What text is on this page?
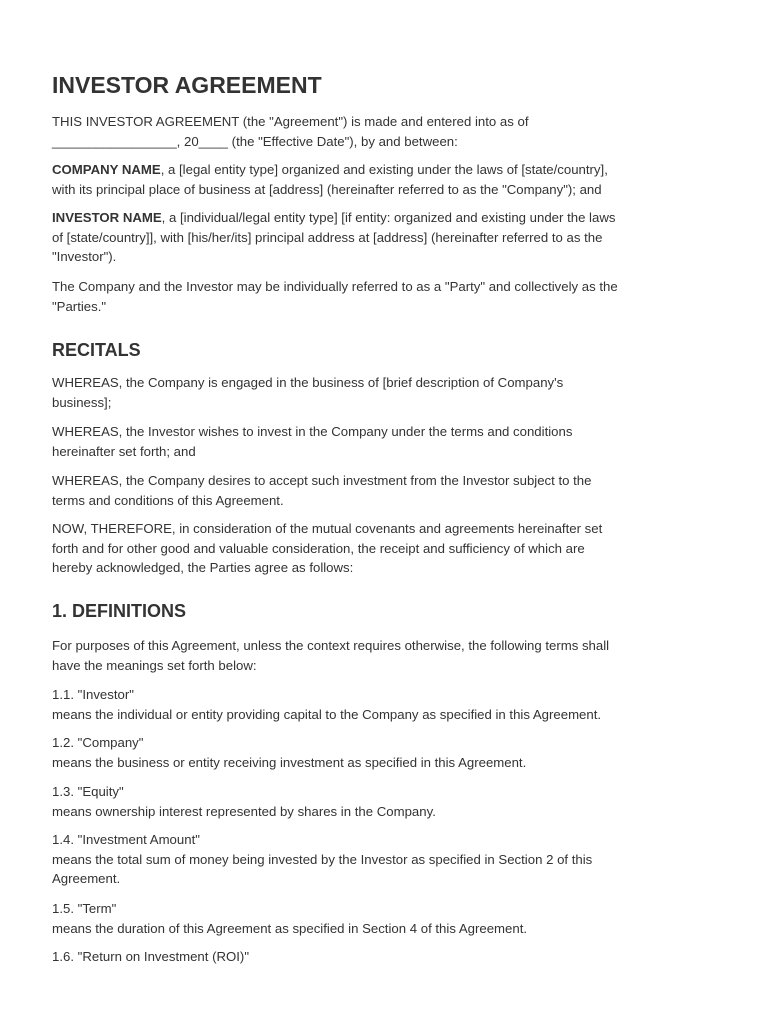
INVESTOR AGREEMENT

THIS INVESTOR AGREEMENT (the "Agreement") is made and entered into as of
_________________, 20____ (the "Effective Date"), by and between:

COMPANY NAME, a [legal entity type] organized and existing under the laws of [state/country],
with its principal place of business at [address] (hereinafter referred to as the "Company"); and

INVESTOR NAME, a [individual/legal entity type] [if entity: organized and existing under the laws
of [state/country]], with [his/her/its] principal address at [address] (hereinafter referred to as the
"Investor").

The Company and the Investor may be individually referred to as a "Party" and collectively as the
"Parties."

RECITALS

WHEREAS, the Company is engaged in the business of [brief description of Company's
business];

WHEREAS, the Investor wishes to invest in the Company under the terms and conditions
hereinafter set forth; and

WHEREAS, the Company desires to accept such investment from the Investor subject to the
terms and conditions of this Agreement.

NOW, THEREFORE, in consideration of the mutual covenants and agreements hereinafter set
forth and for other good and valuable consideration, the receipt and sufficiency of which are
hereby acknowledged, the Parties agree as follows:

1. DEFINITIONS

For purposes of this Agreement, unless the context requires otherwise, the following terms shall
have the meanings set forth below:

1.1. "Investor"
means the individual or entity providing capital to the Company as specified in this Agreement.

1.2. "Company"
means the business or entity receiving investment as specified in this Agreement.

1.3. "Equity"
means ownership interest represented by shares in the Company.

1.4. "Investment Amount"
means the total sum of money being invested by the Investor as specified in Section 2 of this
Agreement.

1.5. "Term"
means the duration of this Agreement as specified in Section 4 of this Agreement.

1.6. "Return on Investment (ROI)"
